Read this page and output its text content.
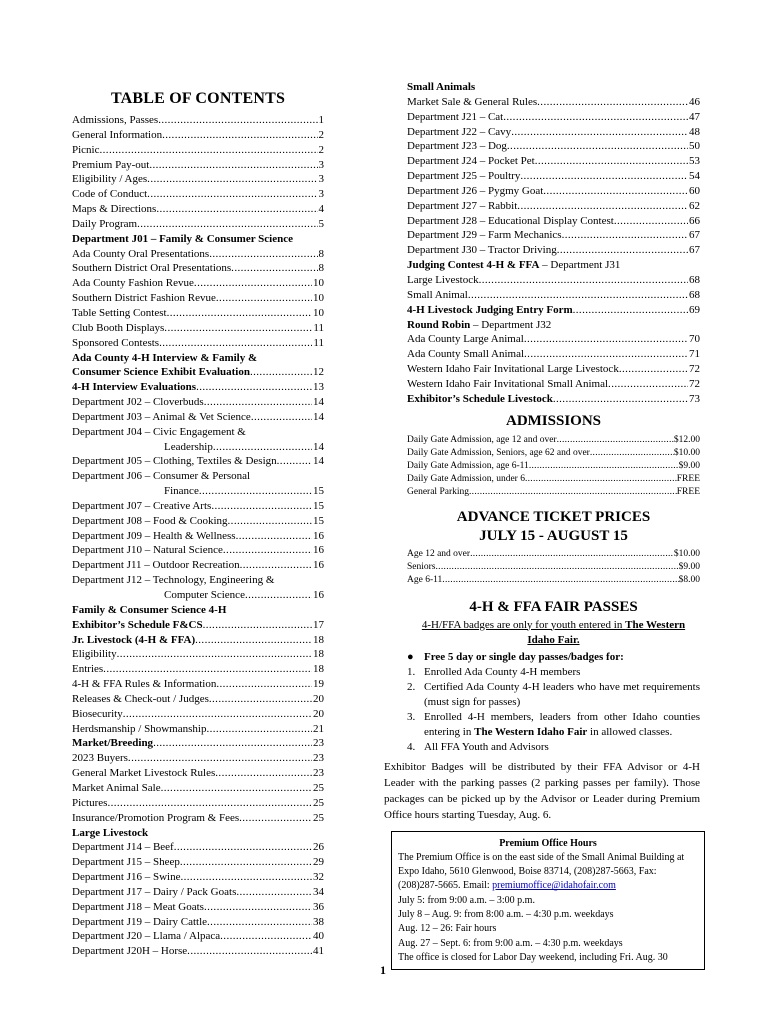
TABLE OF CONTENTS
Admissions, Passes .....	1
General Information .....	2
Picnic .....	2
Premium Pay-out .....	3
Eligibility / Ages .....	3
Code of Conduct .....	3
Maps & Directions .....	4
Daily Program .....	5
Department J01 – Family & Consumer Science
Ada County Oral Presentations .....	8
Southern District Oral Presentations .....	8
Ada County Fashion Revue .....	10
Southern District Fashion Revue .....	10
Table Setting Contest .....	10
Club Booth Displays .....	11
Sponsored Contests .....	11
Ada County 4-H Interview & Family &
Consumer Science Exhibit Evaluation .....	12
4-H Interview Evaluations .....	13
Department J02 – Cloverbuds .....	14
Department J03 – Animal & Vet Science .....	14
Department J04 – Civic Engagement &
Leadership .....	14
Department J05 – Clothing, Textiles & Design .....	14
Department J06 – Consumer & Personal
Finance .....	15
Department J07 – Creative Arts .....	15
Department J08 – Food & Cooking .....	15
Department J09 – Health & Wellness .....	16
Department J10 – Natural Science .....	16
Department J11 – Outdoor Recreation .....	16
Department J12 – Technology, Engineering &
Computer Science .....	16
Family & Consumer Science 4-H
Exhibitor’s Schedule F&CS .....	17
Jr. Livestock (4-H & FFA) .....	18
Eligibility .....	18
Entries .....	18
4-H & FFA Rules & Information .....	19
Releases & Check-out / Judges .....	20
Biosecurity .....	20
Herdsmanship / Showmanship .....	21
Market/Breeding .....	23
2023 Buyers .....	23
General Market Livestock Rules .....	23
Market Animal Sale .....	25
Pictures .....	25
Insurance/Promotion Program & Fees .....	25
Large Livestock
Department J14 – Beef .....	26
Department J15 – Sheep .....	29
Department J16 – Swine .....	32
Department J17 – Dairy / Pack Goats .....	34
Department J18 – Meat Goats .....	36
Department J19 – Dairy Cattle .....	38
Department J20 – Llama / Alpaca .....	40
Department J20H – Horse .....	41
Small Animals
Market Sale & General Rules .....	46
Department J21 – Cat .....	47
Department J22 – Cavy .....	48
Department J23 – Dog .....	50
Department J24 – Pocket Pet .....	53
Department J25 – Poultry .....	54
Department J26 – Pygmy Goat .....	60
Department J27 – Rabbit .....	62
Department J28 – Educational Display Contest .....	66
Department J29 – Farm Mechanics .....	67
Department J30 – Tractor Driving .....	67
Judging Contest 4-H & FFA – Department J31
Large Livestock .....	68
Small Animal .....	68
4-H Livestock Judging Entry Form .....	69
Round Robin – Department J32
Ada County Large Animal .....	70
Ada County Small Animal .....	71
Western Idaho Fair Invitational Large Livestock .....	72
Western Idaho Fair Invitational Small Animal .....	72
Exhibitor’s Schedule Livestock .....	73
ADMISSIONS
Daily Gate Admission, age 12 and over .....	$12.00
Daily Gate Admission, Seniors, age 62 and over .....	$10.00
Daily Gate Admission, age 6-11 .....	$9.00
Daily Gate Admission, under 6 .....	FREE
General Parking .....	FREE
ADVANCE TICKET PRICES
JULY 15 - AUGUST 15
Age 12 and over .....	$10.00
Seniors .....	$9.00
Age 6-11 .....	$8.00
4-H & FFA FAIR PASSES
4-H/FFA badges are only for youth entered in The Western Idaho Fair.
● Free 5 day or single day passes/badges for:
1. Enrolled Ada County 4-H members
2. Certified Ada County 4-H leaders who have met requirements (must sign for passes)
3. Enrolled 4-H members, leaders from other Idaho counties entering in The Western Idaho Fair in allowed classes.
4. All FFA Youth and Advisors
Exhibitor Badges will be distributed by their FFA Advisor or 4-H Leader with the parking passes (2 parking passes per family). Those packages can be picked up by the Advisor or Leader during Premium Office hours starting Tuesday, Aug. 6.
Premium Office Hours
The Premium Office is on the east side of the Small Animal Building at Expo Idaho, 5610 Glenwood, Boise 83714, (208)287-5663, Fax: (208)287-5665. Email: premiumoffice@idahofair.com
July 5: from 9:00 a.m. – 3:00 p.m.
July 8 – Aug. 9: from 8:00 a.m. – 4:30 p.m. weekdays
Aug. 12 – 26: Fair hours
Aug. 27 – Sept. 6: from 9:00 a.m. – 4:30 p.m. weekdays
The office is closed for Labor Day weekend, including Fri. Aug. 30
1
